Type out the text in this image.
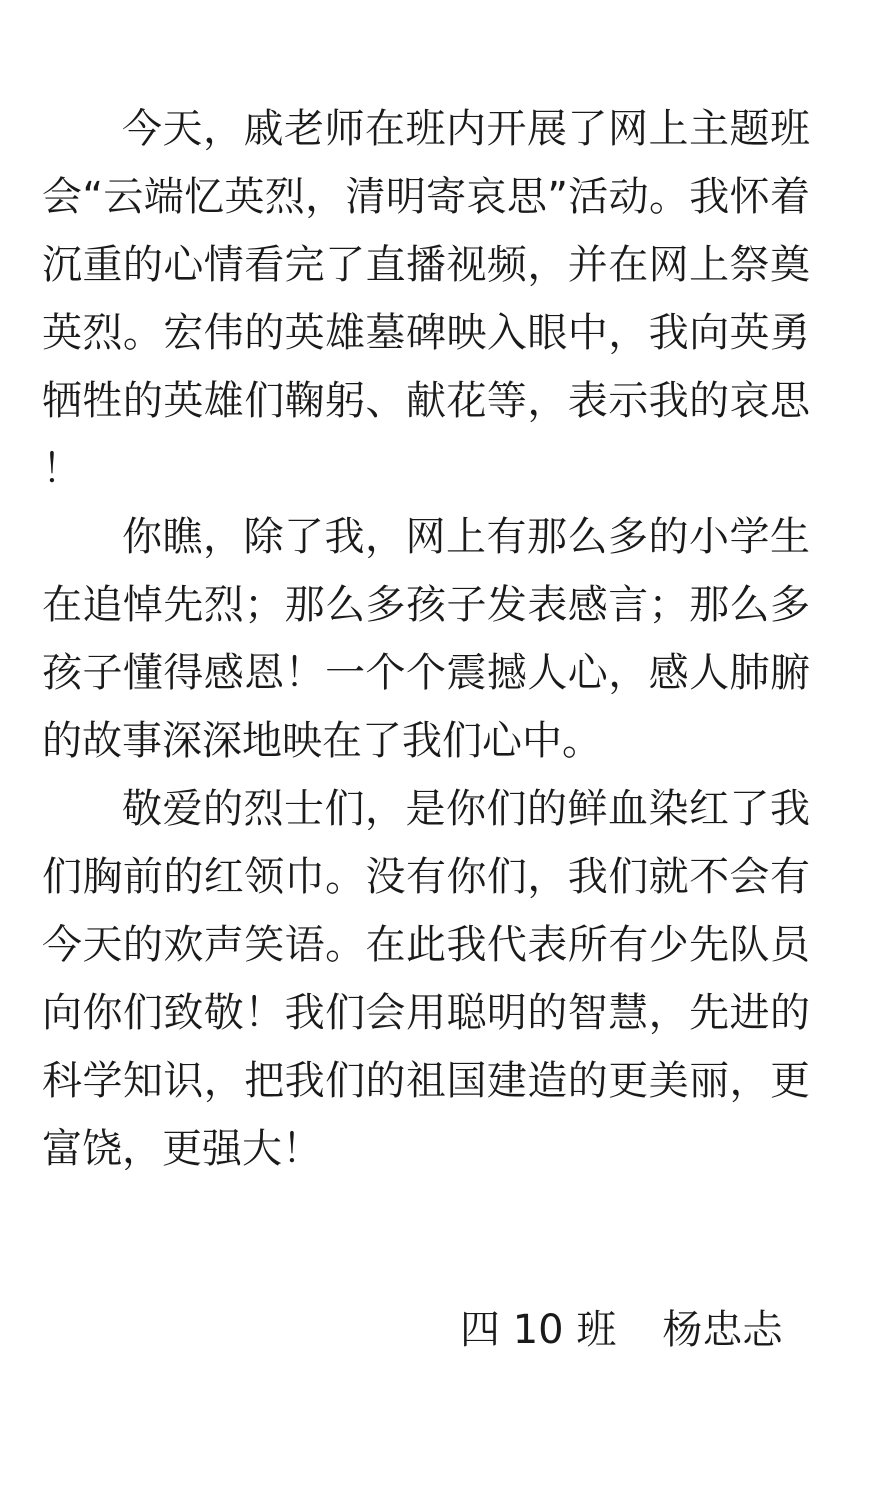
今天，戚老师在班内开展了网上主题班会“云端忆英烈，清明寄哀思”活动。我怀着沉重的心情看完了直播视频，并在网上祭奠英烈。宏伟的英雄墓碑映入眼中，我向英勇牺牲的英雄们鞠躬、献花等，表示我的哀思！

你瞧，除了我，网上有那么多的小学生在追悼先烈；那么多孩子发表感言；那么多孩子懂得感恩！一个个震撼人心，感人肺腑的故事深深地映在了我们心中。

敬爱的烈士们，是你们的鲜血染红了我们胸前的红领巾。没有你们，我们就不会有今天的欢声笑语。在此我代表所有少先队员向你们致敬！我们会用聪明的智慧，先进的科学知识，把我们的祖国建造的更美丽，更富饶，更强大！

四 10 班 杨忠忐
